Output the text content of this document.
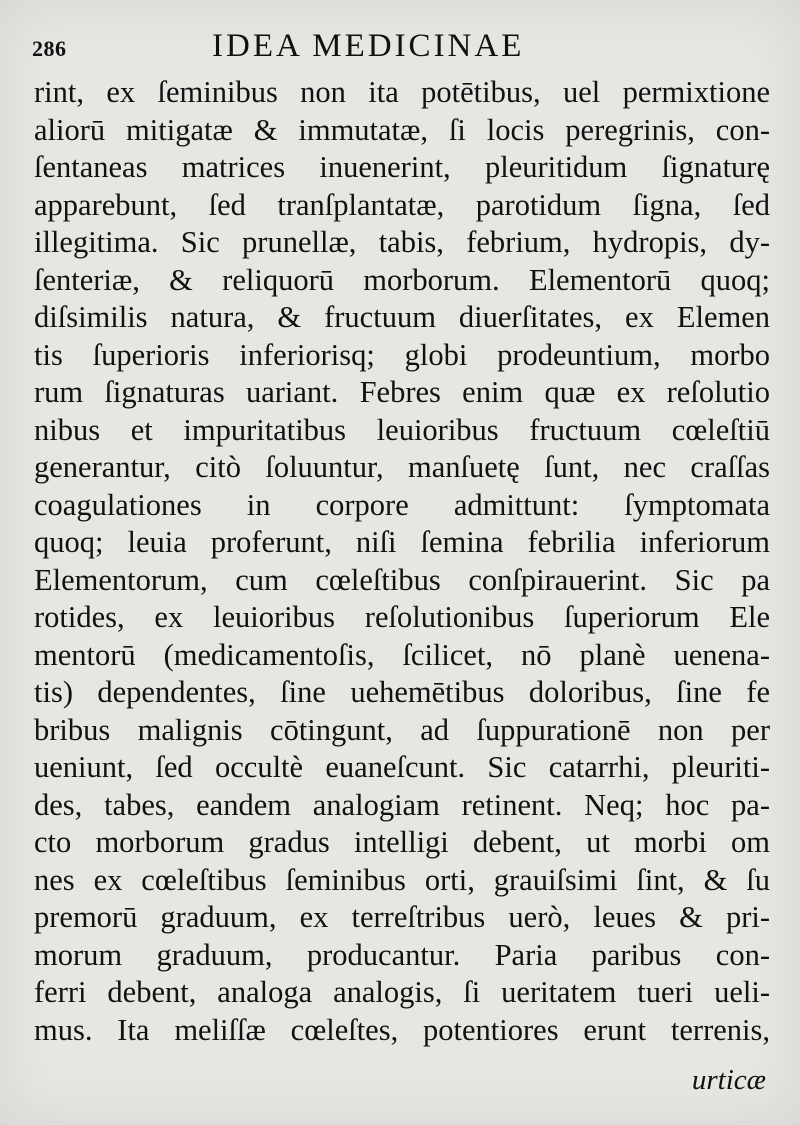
286	IDEA MEDICINAE
rint, ex ſeminibus non ita potētibus, uel permixtione
aliorū mitigatæ & immutatæ, ſi locis peregrinis, con-
ſentaneas matrices inuenerint, pleuritidum ſignaturę
apparebunt, ſed tranſplantatæ, parotidum ſigna, ſed
illegitima. Sic prunellæ, tabis, febrium, hydropis, dy-
ſenteriæ, & reliquorū morborum. Elementorū quoq;
diſsimilis natura, & fructuum diuerſitates, ex Elemen
tis ſuperioris inferiorisq; globi prodeuntium, morbo
rum ſignaturas uariant. Febres enim quæ ex reſolutio
nibus et impuritatibus leuioribus fructuum cœleſtiū
generantur, citò ſoluuntur, manſuetę ſunt, nec craſſas
coagulationes in corpore admittunt: ſymptomata
quoq; leuia proferunt, niſi ſemina febrilia inferiorum
Elementorum, cum cœleſtibus conſpirauerint. Sic pa
rotides, ex leuioribus reſolutionibus ſuperiorum Ele
mentorū (medicamentoſis, ſcilicet, nō planè uenena-
tis) dependentes, ſine uehemētibus doloribus, ſine fe
bribus malignis cōtingunt, ad ſuppurationē non per
ueniunt, ſed occultè euaneſcunt. Sic catarrhi, pleuriti-
des, tabes, eandem analogiam retinent. Neq; hoc pa-
cto morborum gradus intelligi debent, ut morbi om
nes ex cœleſtibus ſeminibus orti, grauiſsimi ſint, & ſu
premorū graduum, ex terreſtribus uerò, leues & pri-
morum graduum, producantur. Paria paribus con-
ferri debent, analoga analogis, ſi ueritatem tueri ueli-
mus. Ita meliſſæ cœleſtes, potentiores erunt terrenis,
urticæ
